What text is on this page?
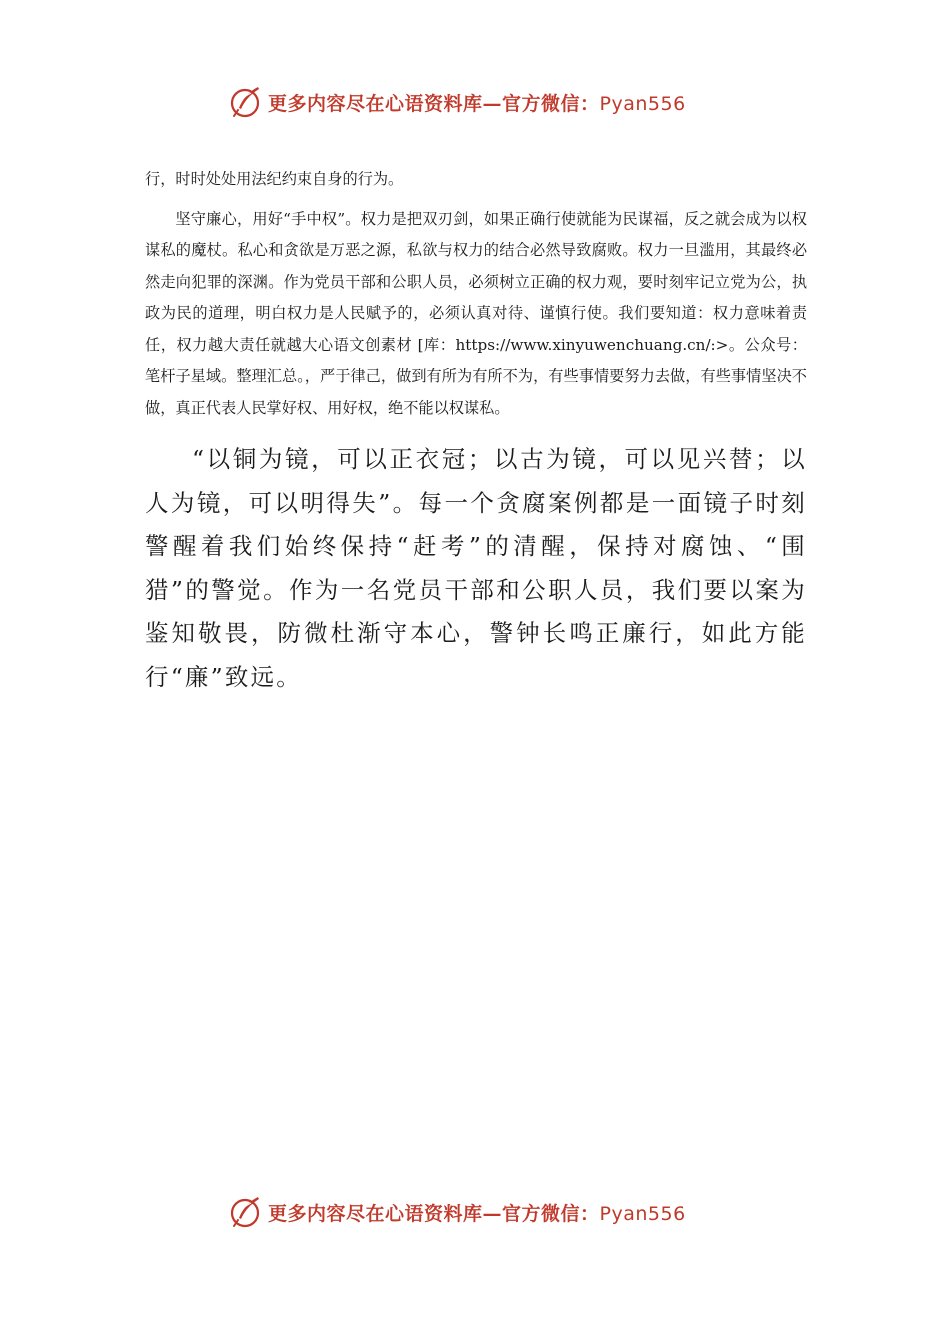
更多内容尽在心语资料库—官方微信：Pyan556

行，时时处处用法纪约束自身的行为。

坚守廉心，用好“手中权”。权力是把双刃剑，如果正确行使就能为民谋福，反之就会成为以权谋私的魔杖。私心和贪欲是万恶之源，私欲与权力的结合必然导致腐败。权力一旦滥用，其最终必然走向犯罪的深渊。作为党员干部和公职人员，必须树立正确的权力观，要时刻牢记立党为公，执政为民的道理，明白权力是人民赋予的，必须认真对待、谨慎行使。我们要知道：权力意味着责任，权力越大责任就越大心语文创素材 [库：https://www.xinyuwenchuang.cn/:>。公众号：笔杆子星域。整理汇总。，严于律己，做到有所为有所不为，有些事情要努力去做，有些事情坚决不做，真正代表人民掌好权、用好权，绝不能以权谋私。

“以铜为镜，可以正衣冠；以古为镜，可以见兴替；以人为镜，可以明得失”。每一个贪腐案例都是一面镜子时刻警醒着我们始终保持“赶考”的清醒，保持对腐蚀、“围猎”的警觉。作为一名党员干部和公职人员，我们要以案为鉴知敬畏，防微杜渐守本心，警钟长鸣正廉行，如此方能行“廉”致远。

更多内容尽在心语资料库—官方微信：Pyan556
